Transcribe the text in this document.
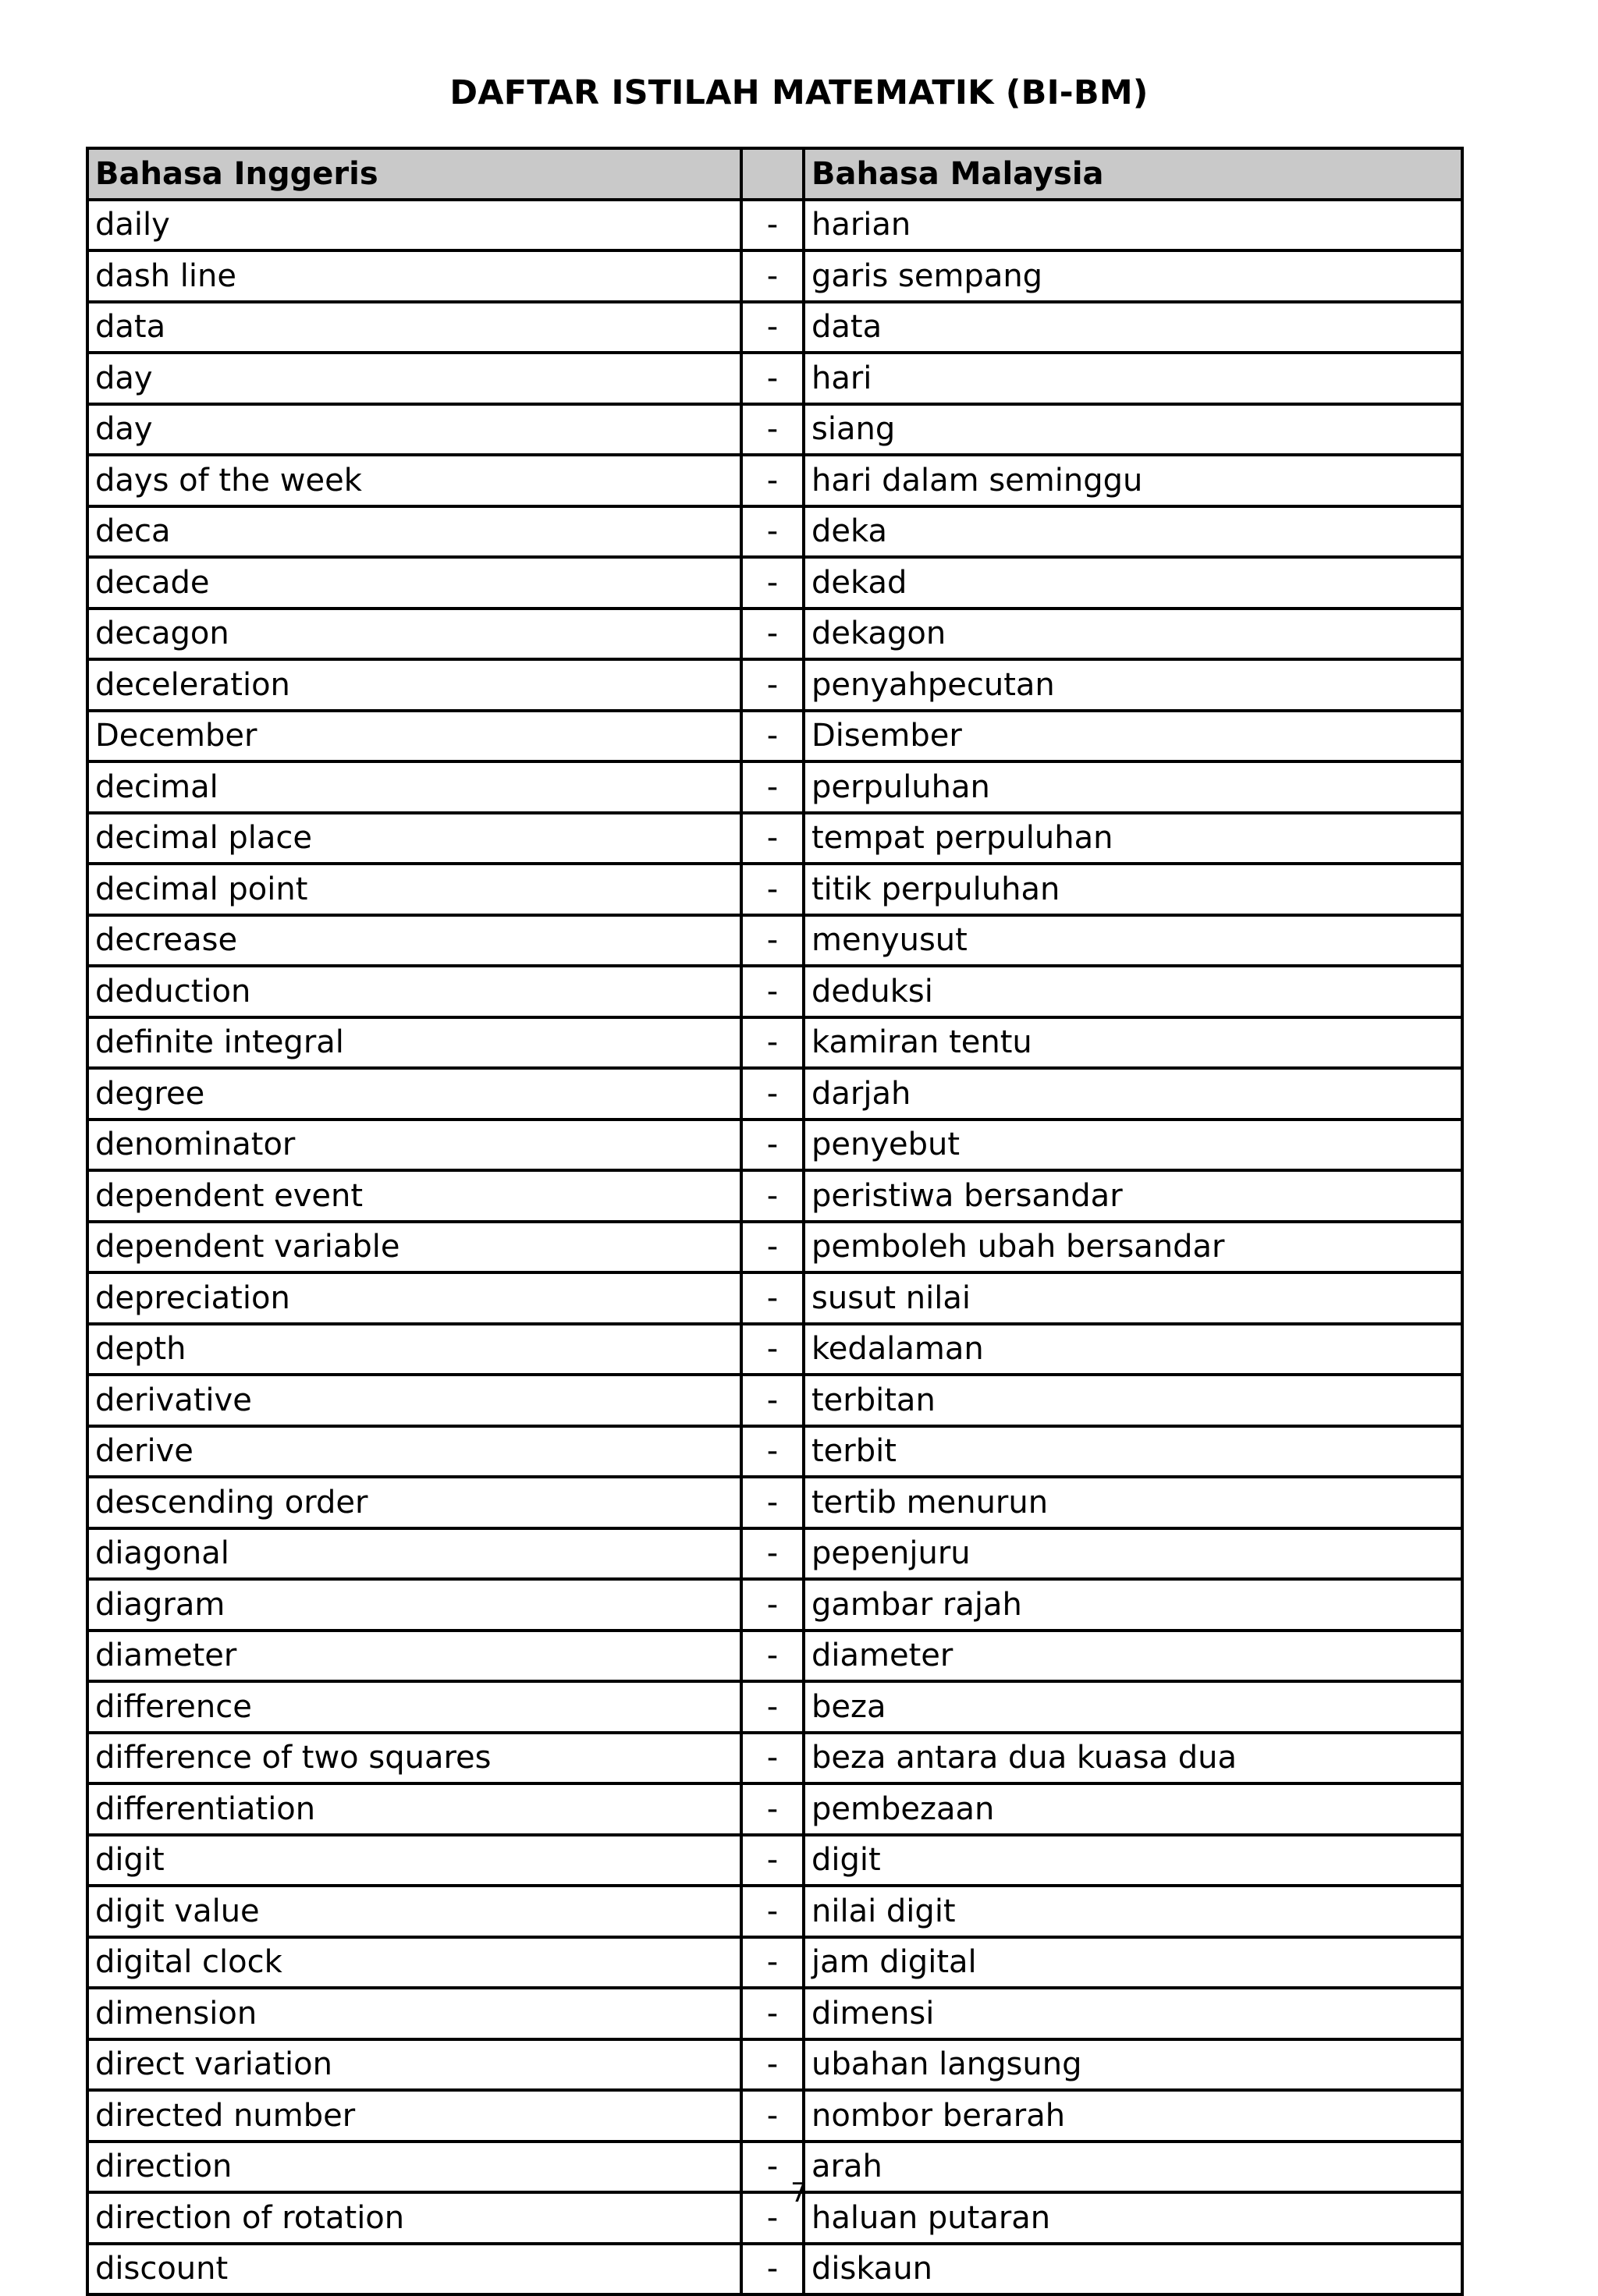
DAFTAR ISTILAH MATEMATIK (BI-BM)
Bahasa Inggeris		Bahasa Malaysia
daily	-	harian
dash line	-	garis sempang
data	-	data
day	-	hari
day	-	siang
days of the week	-	hari dalam seminggu
deca	-	deka
decade	-	dekad
decagon	-	dekagon
deceleration	-	penyahpecutan
December	-	Disember
decimal	-	perpuluhan
decimal place	-	tempat perpuluhan
decimal point	-	titik perpuluhan
decrease	-	menyusut
deduction	-	deduksi
definite integral	-	kamiran tentu
degree	-	darjah
denominator	-	penyebut
dependent event	-	peristiwa bersandar
dependent variable	-	pemboleh ubah bersandar
depreciation	-	susut nilai
depth	-	kedalaman
derivative	-	terbitan
derive	-	terbit
descending order	-	tertib menurun
diagonal	-	pepenjuru
diagram	-	gambar rajah
diameter	-	diameter
difference	-	beza
difference of two squares	-	beza antara dua kuasa dua
differentiation	-	pembezaan
digit	-	digit
digit value	-	nilai digit
digital clock	-	jam digital
dimension	-	dimensi
direct variation	-	ubahan langsung
directed number	-	nombor berarah
direction	-	arah
direction of rotation	-	haluan putaran
discount	-	diskaun
7
